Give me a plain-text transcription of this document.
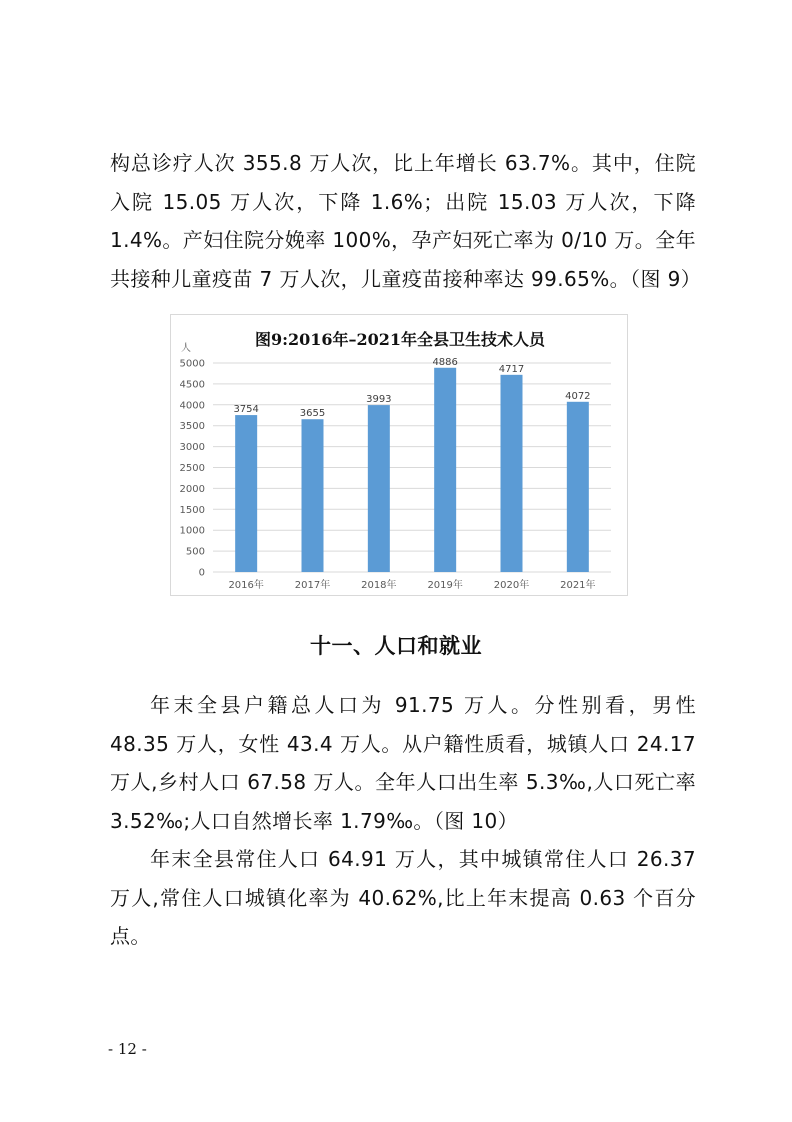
构总诊疗人次 355.8 万人次，比上年增长 63.7%。其中，住院入院 15.05 万人次，下降 1.6%；出院 15.03 万人次，下降 1.4%。产妇住院分娩率 100%，孕产妇死亡率为 0/10 万。全年共接种儿童疫苗 7 万人次，儿童疫苗接种率达 99.65%。（图 9）

图9:2016年–2021年全县卫生技术人员
人
0
500
1000
1500
2000
2500
3000
3500
4000
4500
5000
3754
2016年
3655
2017年
3993
2018年
4886
2019年
4717
2020年
4072
2021年
十一、人口和就业

年末全县户籍总人口为 91.75 万人。分性别看，男性 48.35 万人，女性 43.4 万人。从户籍性质看，城镇人口 24.17 万人,乡村人口 67.58 万人。全年人口出生率 5.3‰,人口死亡率 3.52‰;人口自然增长率 1.79‰。（图 10）

年末全县常住人口 64.91 万人，其中城镇常住人口 26.37 万人,常住人口城镇化率为 40.62%,比上年末提高 0.63 个百分点。

- 12 -
